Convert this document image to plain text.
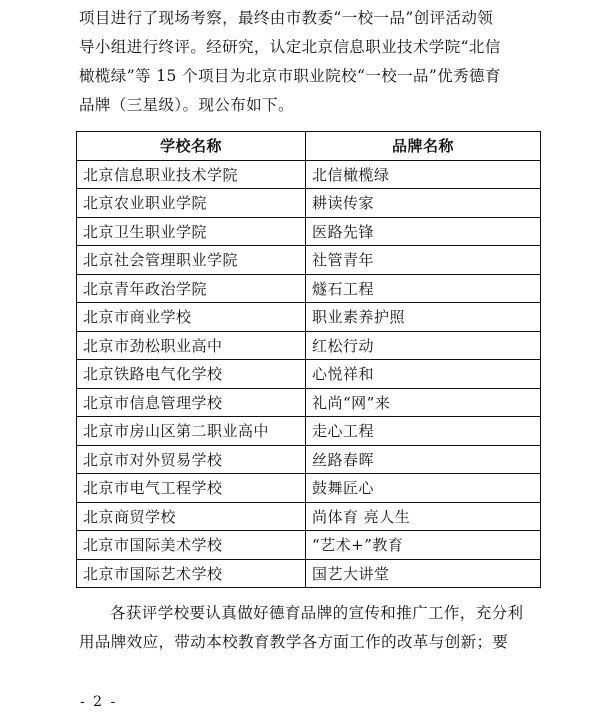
项目进行了现场考察，最终由市教委“一校一品”创评活动领
导小组进行终评。经研究，认定北京信息职业技术学院“北信
橄榄绿”等 15 个项目为北京市职业院校“一校一品”优秀德育
品牌（三星级）。现公布如下。

学校名称	品牌名称
北京信息职业技术学院	北信橄榄绿
北京农业职业学院	耕读传家
北京卫生职业学院	医路先锋
北京社会管理职业学院	社管青年
北京青年政治学院	燧石工程
北京市商业学校	职业素养护照
北京市劲松职业高中	红松行动
北京铁路电气化学校	心悦祥和
北京市信息管理学校	礼尚“网”来
北京市房山区第二职业高中	走心工程
北京市对外贸易学校	丝路春晖
北京市电气工程学校	鼓舞匠心
北京商贸学校	尚体育 亮人生
北京市国际美术学校	“艺术+”教育
北京市国际艺术学校	国艺大讲堂

各获评学校要认真做好德育品牌的宣传和推广工作，充分利
用品牌效应，带动本校教育教学各方面工作的改革与创新；要

- 2 -
